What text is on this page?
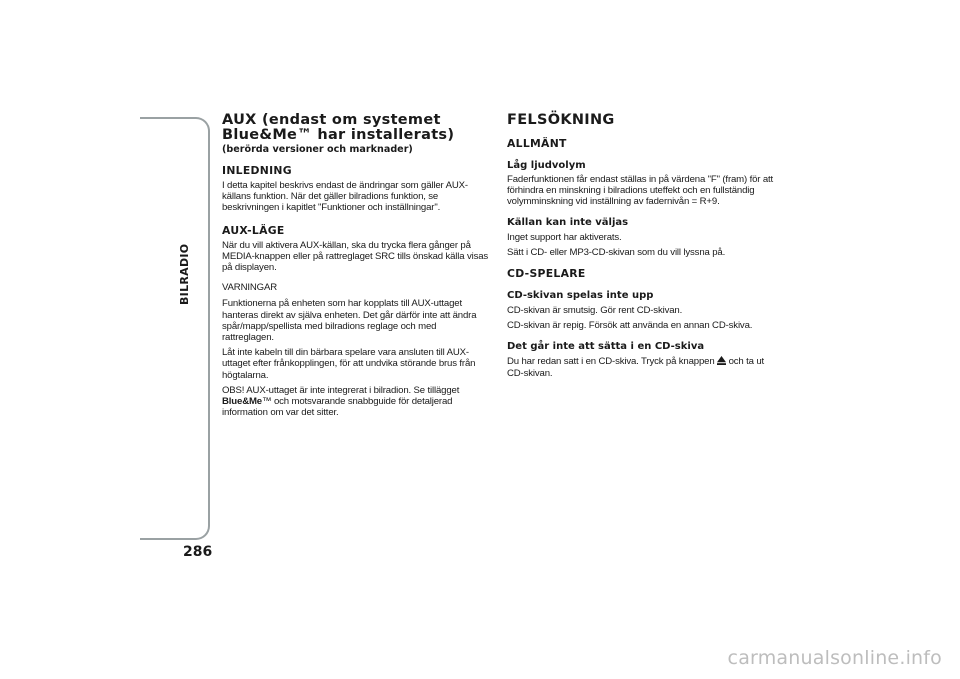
BILRADIO
286
AUX (endast om systemet
Blue&Me™ har installerats)
(berörda versioner och marknader)
INLEDNING

I detta kapitel beskrivs endast de ändringar som gäller AUX-

källans funktion. När det gäller bilradions funktion, se

beskrivningen i kapitlet "Funktioner och inställningar".

AUX-LÄGE

När du vill aktivera AUX-källan, ska du trycka flera gånger på

MEDIA-knappen eller på rattreglaget SRC tills önskad källa visas

på displayen.

VARNINGAR

Funktionerna på enheten som har kopplats till AUX-uttaget

hanteras direkt av själva enheten. Det går därför inte att ändra

spår/mapp/spellista med bilradions reglage och med

rattreglagen.

Låt inte kabeln till din bärbara spelare vara ansluten till AUX-

uttaget efter frånkopplingen, för att undvika störande brus från

högtalarna.

OBS! AUX-uttaget är inte integrerat i bilradion. Se tillägget

Blue&Me™ och motsvarande snabbguide för detaljerad

information om var det sitter.

FELSÖKNING
ALLMÄNT
Låg ljudvolym

Faderfunktionen får endast ställas in på värdena "F" (fram) för att

förhindra en minskning i bilradions uteffekt och en fullständig

volymminskning vid inställning av fadernivån = R+9.

Källan kan inte väljas

Inget support har aktiverats.

Sätt i CD- eller MP3-CD-skivan som du vill lyssna på.

CD-SPELARE
CD-skivan spelas inte upp

CD-skivan är smutsig. Gör rent CD-skivan.

CD-skivan är repig. Försök att använda en annan CD-skiva.

Det går inte att sätta i en CD-skiva

Du har redan satt i en CD-skiva. Tryck på knappen och ta ut

CD-skivan.

carmanualsonline.info
